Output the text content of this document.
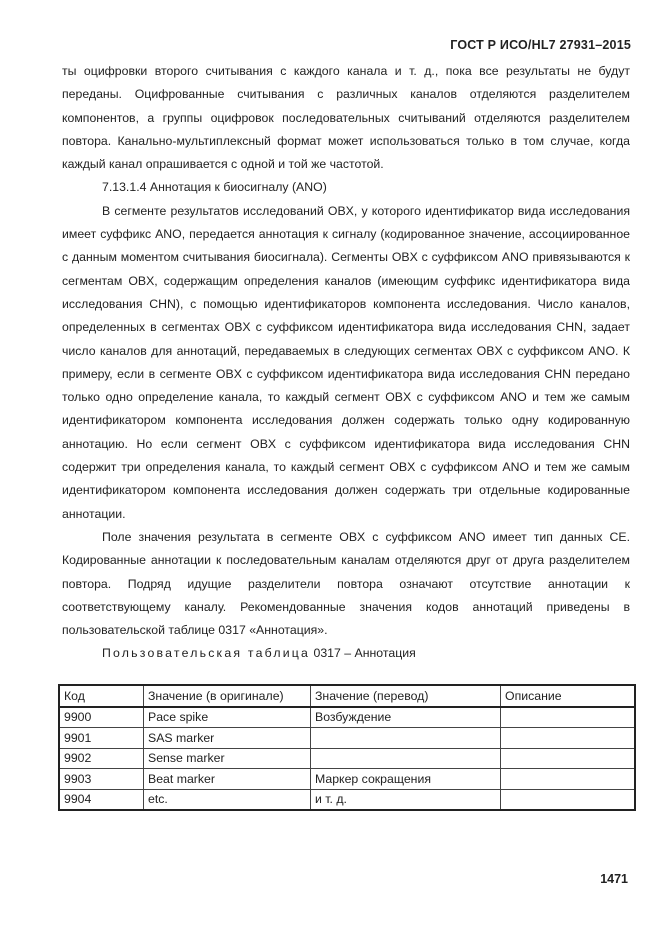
ГОСТ Р ИСО/HL7 27931–2015

ты оцифровки второго считывания с каждого канала и т. д., пока все результаты не будут переданы. Оцифрованные считывания с различных каналов отделяются разделителем компонентов, а группы оцифровок последовательных считываний отделяются разделителем повтора. Канально-мультиплексный формат может использоваться только в том случае, когда каждый канал опрашивается с одной и той же частотой.

7.13.1.4 Аннотация к биосигналу (ANO)

В сегменте результатов исследований OBX, у которого идентификатор вида исследования имеет суффикс ANO, передается аннотация к сигналу (кодированное значение, ассоциированное с данным моментом считывания биосигнала). Сегменты OBX с суффиксом ANO привязываются к сегментам OBX, содержащим определения каналов (имеющим суффикс идентификатора вида исследования CHN), с помощью идентификаторов компонента исследования. Число каналов, определенных в сегментах OBX с суффиксом идентификатора вида исследования CHN, задает число каналов для аннотаций, передаваемых в следующих сегментах OBX с суффиксом ANO. К примеру, если в сегменте OBX с суффиксом идентификатора вида исследования CHN передано только одно определение канала, то каждый сегмент OBX с суффиксом ANO и тем же самым идентификатором компонента исследования должен содержать только одну кодированную аннотацию. Но если сегмент OBX с суффиксом идентификатора вида исследования CHN содержит три определения канала, то каждый сегмент OBX с суффиксом ANO и тем же самым идентификатором компонента исследования должен содержать три отдельные кодированные аннотации.

Поле значения результата в сегменте OBX с суффиксом ANO имеет тип данных CE. Кодированные аннотации к последовательным каналам отделяются друг от друга разделителем повтора. Подряд идущие разделители повтора означают отсутствие аннотации к соответствующему каналу. Рекомендованные значения кодов аннотаций приведены в пользовательской таблице 0317 «Аннотация».

Пользовательская таблица 0317 – Аннотация

Код	Значение (в оригинале)	Значение (перевод)	Описание
9900	Pace spike	Возбуждение	
9901	SAS marker		
9902	Sense marker		
9903	Beat marker	Маркер сокращения	
9904	etc.	и т. д.	
1471
